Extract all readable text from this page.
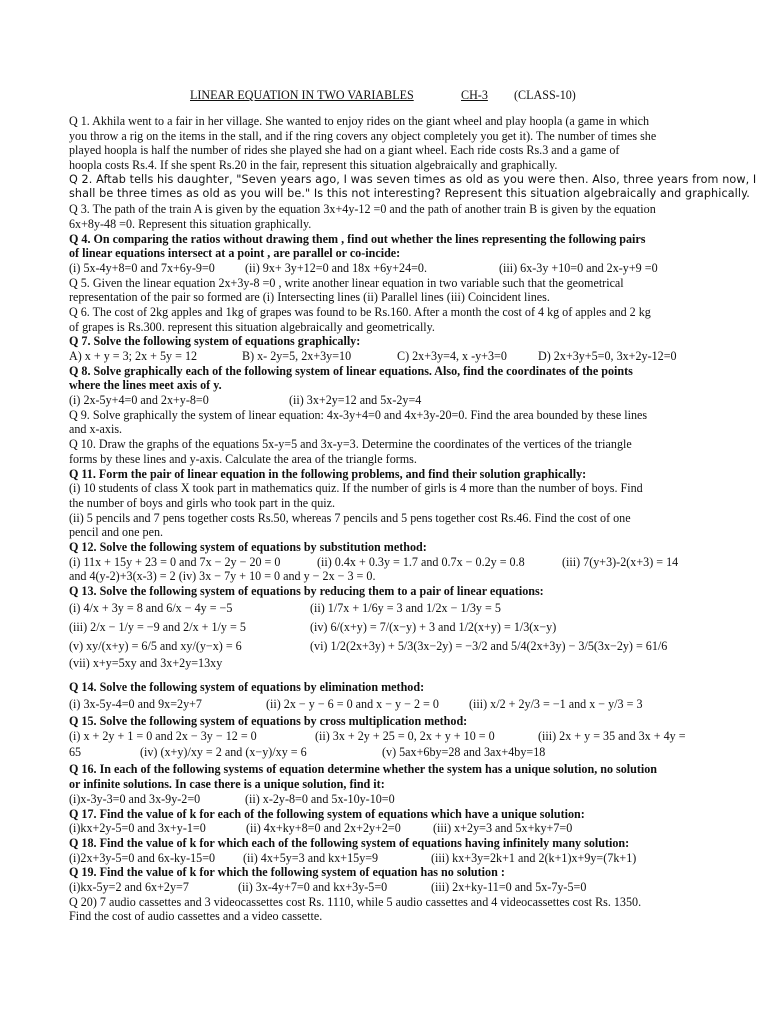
LINEAR EQUATION IN TWO VARIABLES	CH-3 (CLASS-10)
Q 1. Akhila went to a fair in her village. She wanted to enjoy rides on the giant wheel and play hoopla (a game in which
you throw a rig on the items in the stall, and if the ring covers any object completely you get it). The number of times she
played hoopla is half the number of rides she played she had on a giant wheel. Each ride costs Rs.3 and a game of
hoopla costs Rs.4. If she spent Rs.20 in the fair, represent this situation algebraically and graphically.
Q 2. Aftab tells his daughter, "Seven years ago, I was seven times as old as you were then. Also, three years from now, I
shall be three times as old as you will be." Is this not interesting? Represent this situation algebraically and graphically.
Q 3. The path of the train A is given by the equation 3x+4y-12 =0 and the path of another train B is given by the equation
6x+8y-48 =0. Represent this situation graphically.
Q 4. On comparing the ratios without drawing them , find out whether the lines representing the following pairs
of linear equations intersect at a point , are parallel or co-incide:
(i) 5x-4y+8=0 and 7x+6y-9=0 (ii) 9x+ 3y+12=0 and 18x +6y+24=0.	(iii) 6x-3y +10=0 and 2x-y+9 =0
Q 5. Given the linear equation 2x+3y-8 =0 , write another linear equation in two variable such that the geometrical
representation of the pair so formed are (i) Intersecting lines (ii) Parallel lines (iii) Coincident lines.
Q 6. The cost of 2kg apples and 1kg of grapes was found to be Rs.160. After a month the cost of 4 kg of apples and 2 kg
of grapes is Rs.300. represent this situation algebraically and geometrically.
Q 7. Solve the following system of equations graphically:
A) x + y = 3; 2x + 5y = 12	B) x- 2y=5, 2x+3y=10	C) 2x+3y=4, x -y+3=0	D) 2x+3y+5=0, 3x+2y-12=0
Q 8. Solve graphically each of the following system of linear equations. Also, find the coordinates of the points
where the lines meet axis of y.
(i) 2x-5y+4=0 and 2x+y-8=0	(ii) 3x+2y=12 and 5x-2y=4
Q 9. Solve graphically the system of linear equation: 4x-3y+4=0 and 4x+3y-20=0. Find the area bounded by these lines
and x-axis.
Q 10. Draw the graphs of the equations 5x-y=5 and 3x-y=3. Determine the coordinates of the vertices of the triangle
forms by these lines and y-axis. Calculate the area of the triangle forms.
Q 11. Form the pair of linear equation in the following problems, and find their solution graphically:
(i) 10 students of class X took part in mathematics quiz. If the number of girls is 4 more than the number of boys. Find
the number of boys and girls who took part in the quiz.
(ii) 5 pencils and 7 pens together costs Rs.50, whereas 7 pencils and 5 pens together cost Rs.46. Find the cost of one
pencil and one pen.
Q 12. Solve the following system of equations by substitution method:
(i) 11x + 15y + 23 = 0 and 7x − 2y − 20 = 0	(ii) 0.4x + 0.3y = 1.7 and 0.7x − 0.2y = 0.8	(iii) 7(y+3)-2(x+3) = 14
and 4(y-2)+3(x-3) = 2 (iv) 3x − 7y + 10 = 0 and y − 2x − 3 = 0.
Q 13. Solve the following system of equations by reducing them to a pair of linear equations:
(i) 4/x + 3y = 8 and 6/x − 4y = −5	(ii) 1/7x + 1/6y = 3 and 1/2x − 1/3y = 5
(iii) 2/x − 1/y = −9 and 2/x + 1/y = 5	(iv) 6/(x+y) = 7/(x−y) + 3 and 1/2(x+y) = 1/3(x−y)
(v) xy/(x+y) = 6/5 and xy/(y−x) = 6	(vi) 1/2(2x+3y) + 5/3(3x−2y) = −3/2 and 5/4(2x+3y) − 3/5(3x−2y) = 61/6
(vii) x+y=5xy and 3x+2y=13xy
Q 14. Solve the following system of equations by elimination method:
(i) 3x-5y-4=0 and 9x=2y+7	(ii) 2x − y − 6 = 0 and x − y − 2 = 0 (iii) x/2 + 2y/3 = −1 and x − y/3 = 3
Q 15. Solve the following system of equations by cross multiplication method:
(i) x + 2y + 1 = 0 and 2x − 3y − 12 = 0	(ii) 3x + 2y + 25 = 0, 2x + y + 10 = 0	(iii) 2x + y = 35 and 3x + 4y =
65	(iv) (x+y)/xy = 2 and (x−y)/xy = 6	(v) 5ax+6by=28 and 3ax+4by=18
Q 16. In each of the following systems of equation determine whether the system has a unique solution, no solution
or infinite solutions. In case there is a unique solution, find it:
(i)x-3y-3=0 and 3x-9y-2=0	(ii) x-2y-8=0 and 5x-10y-10=0
Q 17. Find the value of k for each of the following system of equations which have a unique solution:
(i)kx+2y-5=0 and 3x+y-1=0	(ii) 4x+ky+8=0 and 2x+2y+2=0	(iii) x+2y=3 and 5x+ky+7=0
Q 18. Find the value of k for which each of the following system of equations having infinitely many solution:
(i)2x+3y-5=0 and 6x-ky-15=0 (ii) 4x+5y=3 and kx+15y=9	(iii) kx+3y=2k+1 and 2(k+1)x+9y=(7k+1)
Q 19. Find the value of k for which the following system of equation has no solution :
(i)kx-5y=2 and 6x+2y=7	(ii) 3x-4y+7=0 and kx+3y-5=0	(iii) 2x+ky-11=0 and 5x-7y-5=0
Q 20) 7 audio cassettes and 3 videocassettes cost Rs. 1110, while 5 audio cassettes and 4 videocassettes cost Rs. 1350.
Find the cost of audio cassettes and a video cassette.
